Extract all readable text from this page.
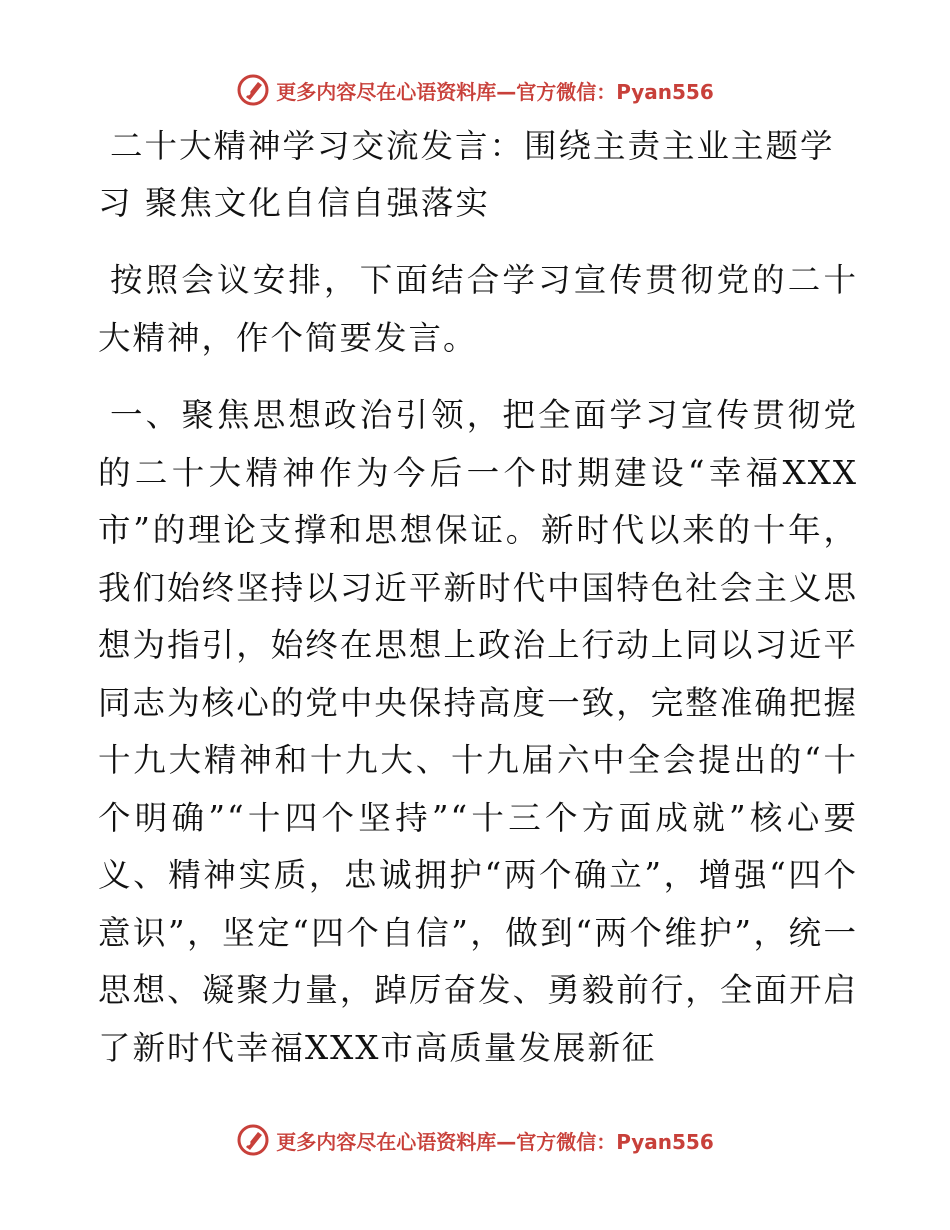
更多内容尽在心语资料库—官方微信：Pyan556
二十大精神学习交流发言：围绕主责主业主题学习 聚焦文化自信自强落实

按照会议安排，下面结合学习宣传贯彻党的二十大精神，作个简要发言。

一、聚焦思想政治引领，把全面学习宣传贯彻党的二十大精神作为今后一个时期建设“幸福XXX市”的理论支撑和思想保证。新时代以来的十年，我们始终坚持以习近平新时代中国特色社会主义思想为指引，始终在思想上政治上行动上同以习近平同志为核心的党中央保持高度一致，完整准确把握十九大精神和十九大、十九届六中全会提出的“十个明确”“十四个坚持”“十三个方面成就”核心要义、精神实质，忠诚拥护“两个确立”，增强“四个意识”，坚定“四个自信”，做到“两个维护”，统一思想、凝聚力量，踔厉奋发、勇毅前行，全面开启了新时代幸福XXX市高质量发展新征

更多内容尽在心语资料库—官方微信：Pyan556
